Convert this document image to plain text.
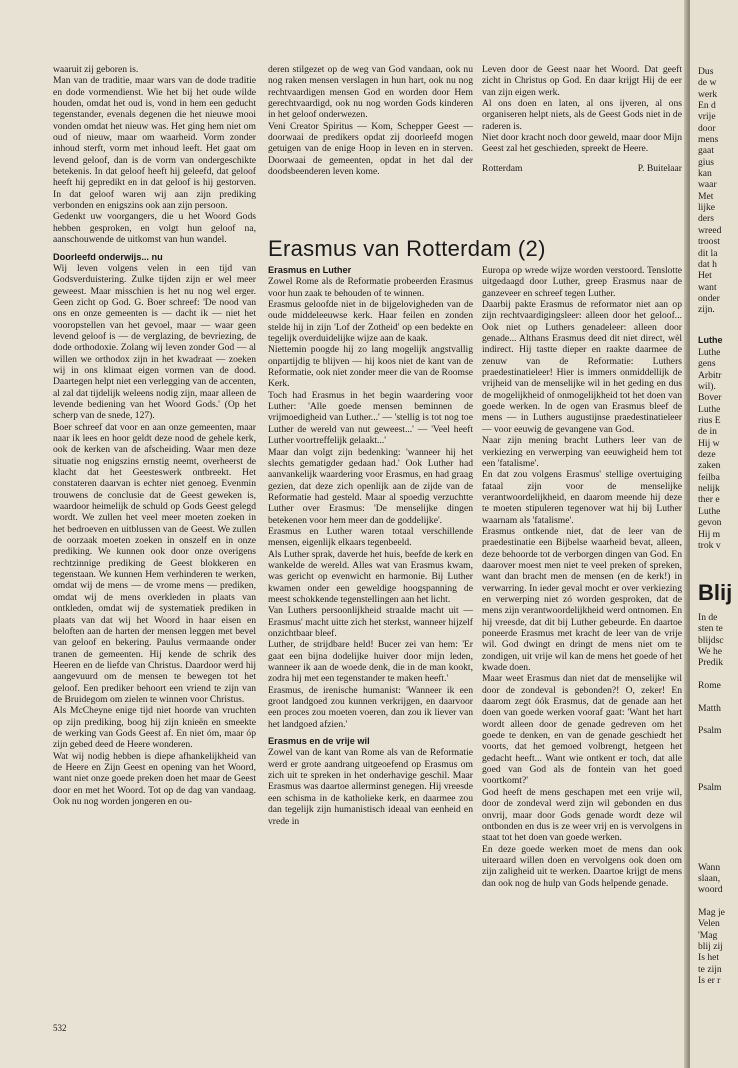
waaruit zij geboren is.

Man van de traditie, maar wars van de dode traditie en dode vormendienst. Wie het bij het oude wilde houden, omdat het oud is, vond in hem een geducht tegenstander, evenals degenen die het nieuwe mooi vonden omdat het nieuw was. Het ging hem niet om oud of nieuw, maar om waarheid. Vorm zonder inhoud sterft, vorm met inhoud leeft. Het gaat om levend geloof, dan is de vorm van ondergeschikte betekenis. In dat geloof heeft hij geleefd, dat geloof heeft hij gepredikt en in dat geloof is hij gestorven. In dat geloof waren wij aan zijn prediking verbonden en enigszins ook aan zijn persoon.

Gedenkt uw voorgangers, die u het Woord Gods hebben gesproken, en volgt hun geloof na, aanschouwende de uitkomst van hun wandel.

Doorleefd onderwijs... nu

Wij leven volgens velen in een tijd van Godsverduistering. Zulke tijden zijn er wel meer geweest. Maar misschien is het nu nog wel erger. Geen zicht op God. G. Boer schreef: 'De nood van ons en onze gemeenten is — dacht ik — niet het vooropstellen van het gevoel, maar — waar geen levend geloof is — de verglazing, de bevriezing, de dode orthodoxie. Zolang wij leven zonder God — al willen we orthodox zijn in het kwadraat — zoeken wij in ons klimaat eigen vormen van de dood. Daartegen helpt niet een verlegging van de accenten, al zal dat tijdelijk weleens nodig zijn, maar alleen de levende bediening van het Woord Gods.' (Op het scherp van de snede, 127).

Boer schreef dat voor en aan onze gemeenten, maar naar ik lees en hoor geldt deze nood de gehele kerk, ook de kerken van de afscheiding. Waar men deze situatie nog enigszins ernstig neemt, overheerst de klacht dat het Geesteswerk ontbreekt. Het constateren daarvan is echter niet genoeg. Evenmin trouwens de conclusie dat de Geest geweken is, waardoor heimelijk de schuld op Gods Geest gelegd wordt. We zullen het veel meer moeten zoeken in het bedroeven en uitblussen van de Geest. We zullen de oorzaak moeten zoeken in onszelf en in onze prediking. We kunnen ook door onze overigens rechtzinnige prediking de Geest blokkeren en tegenstaan. We kunnen Hem verhinderen te werken, omdat wij de mens — de vrome mens — prediken, omdat wij de mens overkleden in plaats van ontkleden, omdat wij de systematiek prediken in plaats van dat wij het Woord in haar eisen en beloften aan de harten der mensen leggen met bevel van geloof en bekering. Paulus vermaande onder tranen de gemeenten. Hij kende de schrik des Heeren en de liefde van Christus. Daardoor werd hij aangevuurd om de mensen te bewegen tot het geloof. Een prediker behoort een vriend te zijn van de Bruidegom om zielen te winnen voor Christus.

Als McCheyne enige tijd niet hoorde van vruchten op zijn prediking, boog hij zijn knieën en smeekte de werking van Gods Geest af. En niet óm, maar óp zijn gebed deed de Heere wonderen.

Wat wij nodig hebben is diepe afhankelijkheid van de Heere en Zijn Geest en opening van het Woord, want niet onze goede preken doen het maar de Geest door en met het Woord. Tot op de dag van vandaag. Ook nu nog worden jongeren en ou-

deren stilgezet op de weg van God vandaan, ook nu nog raken mensen verslagen in hun hart, ook nu nog rechtvaardigen mensen God en worden door Hem gerechtvaardigd, ook nu nog worden Gods kinderen in het geloof onderwezen.

Veni Creator Spiritus — Kom, Schepper Geest — doorwaai de predikers opdat zij doorleefd mogen getuigen van de enige Hoop in leven en in sterven. Doorwaai de gemeenten, opdat in het dal der doodsbeenderen leven kome.

Leven door de Geest naar het Woord. Dat geeft zicht in Christus op God. En daar krijgt Hij de eer van zijn eigen werk.

Al ons doen en laten, al ons ijveren, al ons organiseren helpt niets, als de Geest Gods niet in de raderen is.

Niet door kracht noch door geweld, maar door Mijn Geest zal het geschieden, spreekt de Heere.

Rotterdam	P. Buitelaar
Erasmus van Rotterdam (2)

Erasmus en Luther

Zowel Rome als de Reformatie probeerden Erasmus voor hun zaak te behouden of te winnen.

Erasmus geloofde niet in de bijgelovigheden van de oude middeleeuwse kerk. Haar feilen en zonden stelde hij in zijn 'Lof der Zotheid' op een bedekte en tegelijk overduidelijke wijze aan de kaak.

Niettemin poogde hij zo lang mogelijk angstvallig onpartijdig te blijven — hij koos niet de kant van de Reformatie, ook niet zonder meer die van de Roomse Kerk.

Toch had Erasmus in het begin waardering voor Luther: 'Alle goede mensen beminnen de vrijmoedigheid van Luther...' — 'stellig is tot nog toe Luther de wereld van nut geweest...' — 'Veel heeft Luther voortreffelijk gelaakt...'

Maar dan volgt zijn bedenking: 'wanneer hij het slechts gematigder gedaan had.' Ook Luther had aanvankelijk waardering voor Erasmus, en had graag gezien, dat deze zich openlijk aan de zijde van de Reformatie had gesteld. Maar al spoedig verzuchtte Luther over Erasmus: 'De menselijke dingen betekenen voor hem meer dan de goddelijke'.

Erasmus en Luther waren totaal verschillende mensen, eigenlijk elkaars tegenbeeld.

Als Luther sprak, daverde het huis, beefde de kerk en wankelde de wereld. Alles wat van Erasmus kwam, was gericht op evenwicht en harmonie. Bij Luther kwamen onder een geweldige hoogspanning de meest schokkende tegenstellingen aan het licht.

Van Luthers persoonlijkheid straalde macht uit — Erasmus' macht uitte zich het sterkst, wanneer hijzelf onzichtbaar bleef.

Luther, de strijdbare held! Bucer zei van hem: 'Er gaat een bijna dodelijke huiver door mijn leden, wanneer ik aan de woede denk, die in de man kookt, zodra hij met een tegenstander te maken heeft.'

Erasmus, de irenische humanist: 'Wanneer ik een groot landgoed zou kunnen verkrijgen, en daarvoor een proces zou moeten voeren, dan zou ik liever van het landgoed afzien.'

Erasmus en de vrije wil

Zowel van de kant van Rome als van de Reformatie werd er grote aandrang uitgeoefend op Erasmus om zich uit te spreken in het onderhavige geschil. Maar Erasmus was daartoe allerminst genegen. Hij vreesde een schisma in de katholieke kerk, en daarmee zou dan tegelijk zijn humanistisch ideaal van eenheid en vrede in

Europa op wrede wijze worden verstoord. Tenslotte uitgedaagd door Luther, greep Erasmus naar de ganzeveer en schreef tegen Luther.

Daarbij pakte Erasmus de reformator niet aan op zijn rechtvaardigingsleer: alleen door het geloof... Ook niet op Luthers genadeleer: alleen door genade... Althans Erasmus deed dit niet direct, wèl indirect. Hij tastte dieper en raakte daarmee de zenuw van de Reformatie: Luthers praedestinatieleer! Hier is immers onmiddellijk de vrijheid van de menselijke wil in het geding en dus de mogelijkheid of onmogelijkheid tot het doen van goede werken. In de ogen van Erasmus bleef de mens — in Luthers augustijnse praedestinatieleer — voor eeuwig de gevangene van God.

Naar zijn mening bracht Luthers leer van de verkiezing en verwerping van eeuwigheid hem tot een 'fatalisme'.

En dat zou volgens Erasmus' stellige overtuiging fataal zijn voor de menselijke verantwoordelijkheid, en daarom meende hij deze te moeten stipuleren tegenover wat hij bij Luther waarnam als 'fatalisme'.

Erasmus ontkende niet, dat de leer van de praedestinatie een Bijbelse waarheid bevat, alleen, deze behoorde tot de verborgen dingen van God. En daarover moest men niet te veel preken of spreken, want dan bracht men de mensen (en de kerk!) in verwarring. In ieder geval mocht er over verkiezing en verwerping niet zó worden gesproken, dat de mens zijn verantwoordelijkheid werd ontnomen. En hij vreesde, dat dit bij Luther gebeurde. En daartoe poneerde Erasmus met kracht de leer van de vrije wil. God dwingt en dringt de mens niet om te zondigen, uit vrije wil kan de mens het goede of het kwade doen.

Maar weet Erasmus dan niet dat de menselijke wil door de zondeval is gebonden?! O, zeker! En daarom zegt óók Erasmus, dat de genade aan het doen van goede werken vooraf gaat: 'Want het hart wordt alleen door de genade gedreven om het goede te denken, en van de genade geschiedt het voorts, dat het gemoed volbrengt, hetgeen het gedacht heeft... Want wie ontkent er toch, dat alle goed van God als de fontein van het goed voortkomt?'

God heeft de mens geschapen met een vrije wil, door de zondeval werd zijn wil gebonden en dus onvrij, maar door Gods genade wordt deze wil ontbonden en dus is ze weer vrij en is vervolgens in staat tot het doen van goede werken.

En deze goede werken moet de mens dan ook uiteraard willen doen en vervolgens ook doen om zijn zaligheid uit te werken. Daartoe krijgt de mens dan ook nog de hulp van Gods helpende genade.

532
Dus
de w
werk
En d
vrije
door
mens
gaat
gius
kan
waar
Met
lijke
ders
wreed
troost
dit la
dat h
Het
want
onder
zijn.
Luthe
Luthe
gens
Arbitr
wil).
Bover
Luthe
rius E
de in
Hij w
deze
zaken
feilba
nelijk
ther e
Luthe
gevon
Hij m
trok v
Blij
In de
sten te
blijdsc
We he
Predik

Rome

Matth

Psalm

Psalm

Wann
slaan,
woord

Mag je
Velen
'Mag
blij zij
Is het
te zijn
Is er r
